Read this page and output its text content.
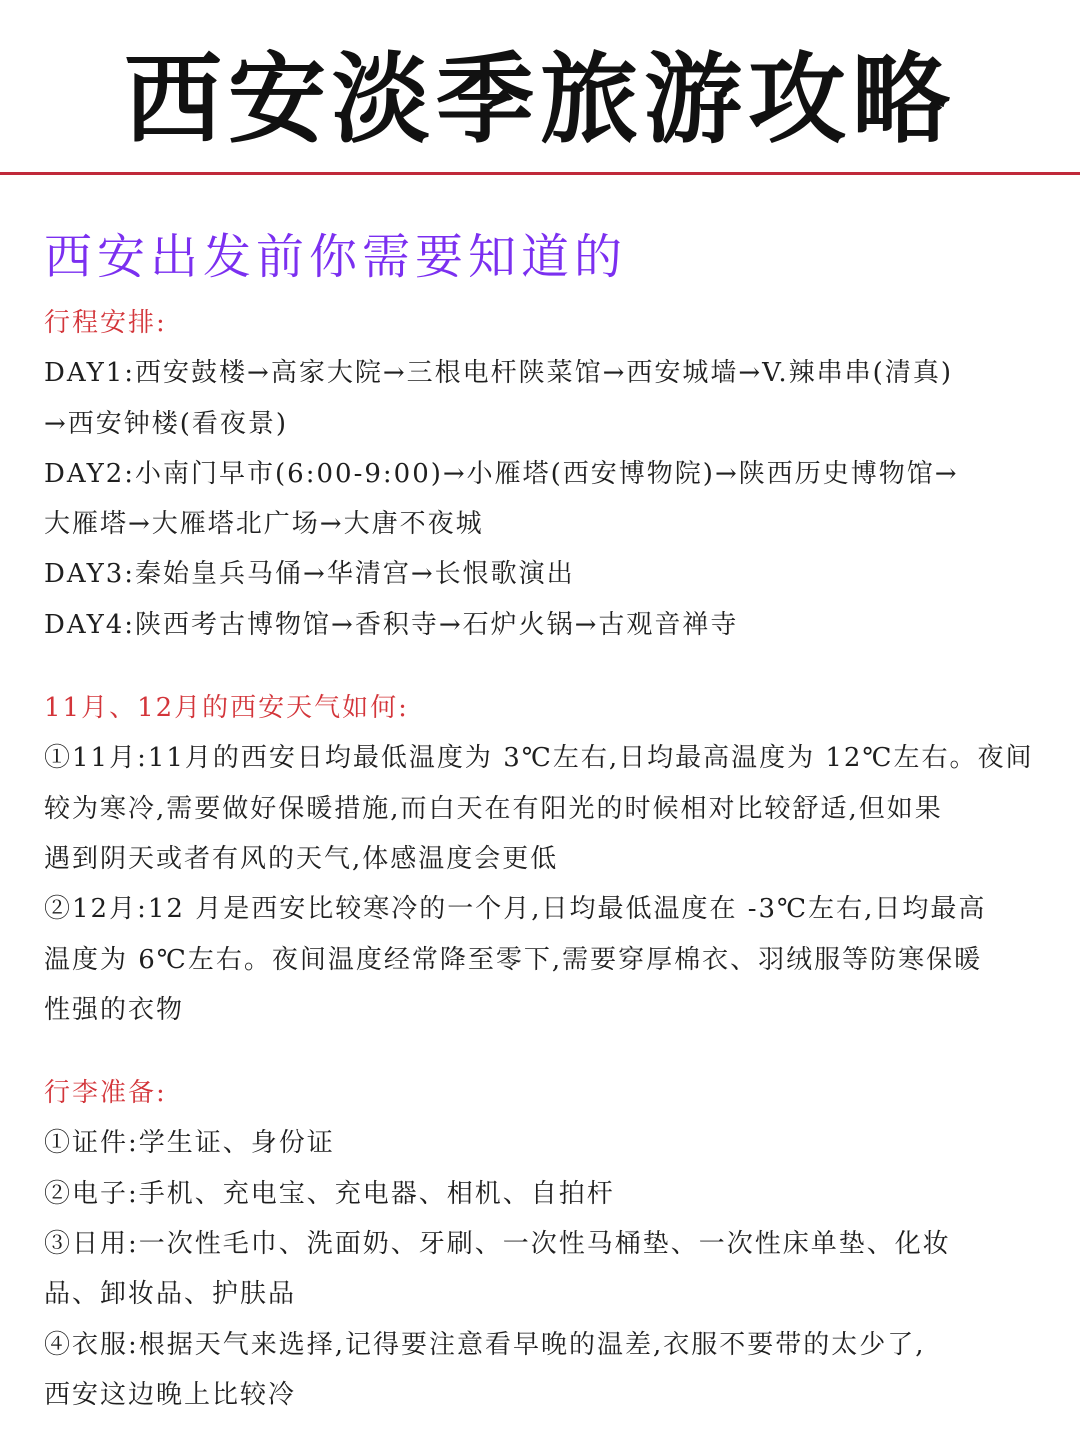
西安淡季旅游攻略
西安出发前你需要知道的
行程安排:
DAY1:西安鼓楼→高家大院→三根电杆陕菜馆→西安城墙→V.辣串串(清真)
→西安钟楼(看夜景)
DAY2:小南门早市(6:00-9:00)→小雁塔(西安博物院)→陕西历史博物馆→
大雁塔→大雁塔北广场→大唐不夜城
DAY3:秦始皇兵马俑→华清宫→长恨歌演出
DAY4:陕西考古博物馆→香积寺→石炉火锅→古观音禅寺
11月、12月的西安天气如何:
①11月:11月的西安日均最低温度为 3℃左右,日均最高温度为 12℃左右。夜间
较为寒冷,需要做好保暖措施,而白天在有阳光的时候相对比较舒适,但如果
遇到阴天或者有风的天气,体感温度会更低
②12月:12 月是西安比较寒冷的一个月,日均最低温度在 -3℃左右,日均最高
温度为 6℃左右。夜间温度经常降至零下,需要穿厚棉衣、羽绒服等防寒保暖
性强的衣物
行李准备:
①证件:学生证、身份证
②电子:手机、充电宝、充电器、相机、自拍杆
③日用:一次性毛巾、洗面奶、牙刷、一次性马桶垫、一次性床单垫、化妆
品、卸妆品、护肤品
④衣服:根据天气来选择,记得要注意看早晚的温差,衣服不要带的太少了,
西安这边晚上比较冷
